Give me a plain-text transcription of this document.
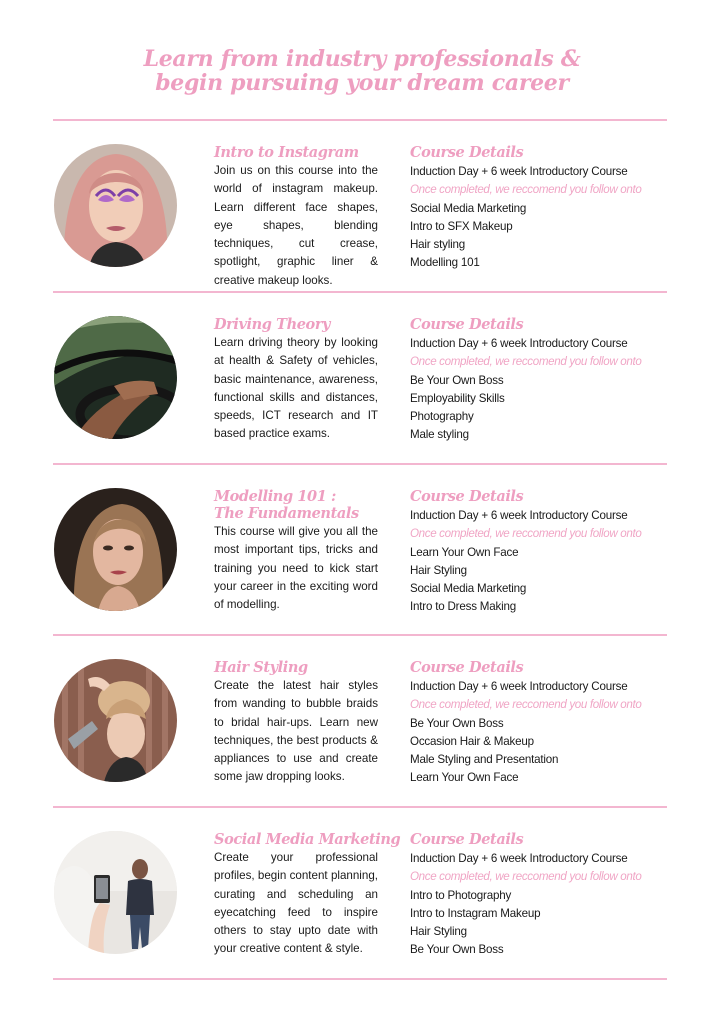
Learn from industry professionals &
begin pursuing your dream career
Intro to Instagram
Join us on this course into the world of instagram makeup. Learn different face shapes, eye shapes, blending techniques, cut crease, spotlight, graphic liner & creative makeup looks.
Course Details
Induction Day + 6 week Introductory Course
Once completed, we reccomend you follow onto
Social Media Marketing
Intro to SFX Makeup
Hair styling
Modelling 101
Driving Theory
Learn driving theory by looking at health & Safety of vehicles, basic maintenance, awareness, functional skills and distances, speeds, ICT research and IT based practice exams.
Course Details
Induction Day + 6 week Introductory Course
Once completed, we reccomend you follow onto
Be Your Own Boss
Employability Skills
Photography
Male styling
Modelling 101 :
The Fundamentals
This course will give you all the most important tips, tricks and training you need to kick start your career in the exciting word of modelling.
Course Details
Induction Day + 6 week Introductory Course
Once completed, we reccomend you follow onto
Learn Your Own Face
Hair Styling
Social Media Marketing
Intro to Dress Making
Hair Styling
Create the latest hair styles from wanding to bubble braids to bridal hair-ups. Learn new techniques, the best products & appliances to use and create some jaw dropping looks.
Course Details
Induction Day + 6 week Introductory Course
Once completed, we reccomend you follow onto
Be Your Own Boss
Occasion Hair & Makeup
Male Styling and Presentation
Learn Your Own Face
Social Media Marketing
Create your professional profiles, begin content planning, curating and scheduling an eyecatching feed to inspire others to stay upto date with your creative content & style.
Course Details
Induction Day + 6 week Introductory Course
Once completed, we reccomend you follow onto
Intro to Photography
Intro to Instagram Makeup
Hair Styling
Be Your Own Boss
